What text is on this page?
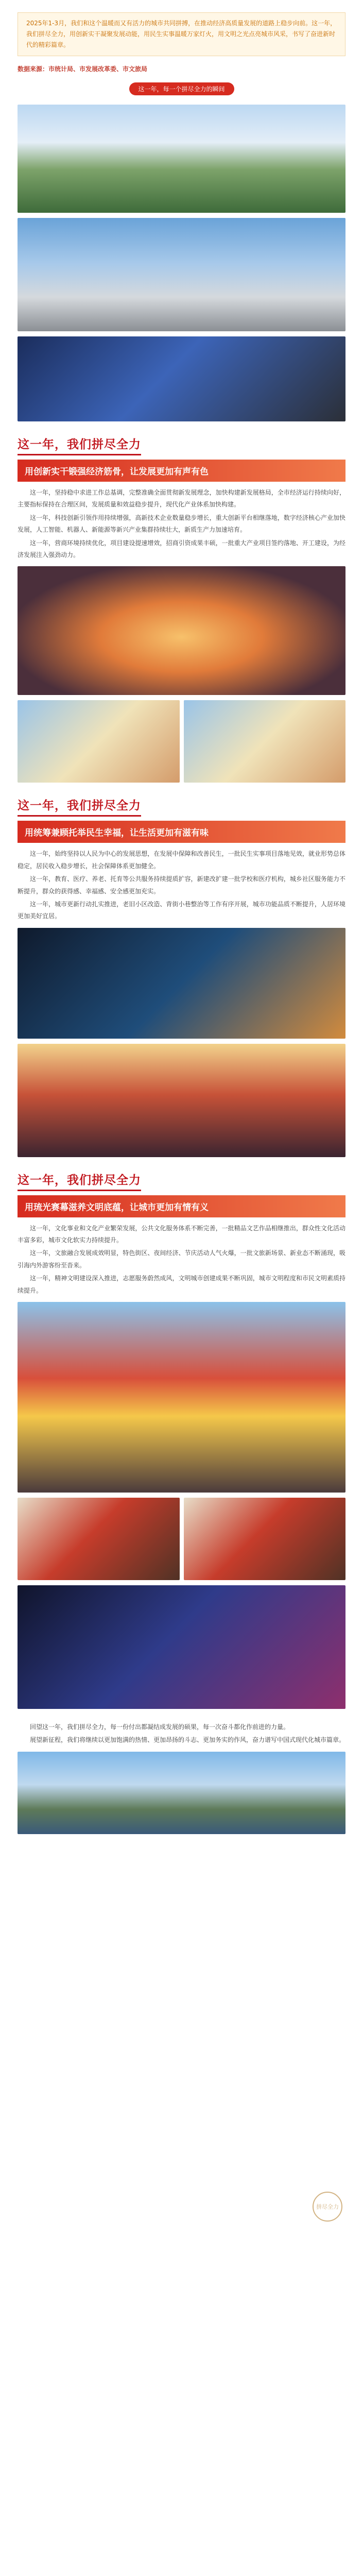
2025年1-3月，我们和这个温暖而又有活力的城市共同拼搏，在推动经济高质量发展的道路上稳步向前。这一年，我们拼尽全力，用创新实干凝聚发展动能，用民生实事温暖万家灯火，用文明之光点亮城市风采，书写了奋进新时代的精彩篇章。
数据来源：市统计局、市发展改革委、市文旅局
这一年，每一个拼尽全力的瞬间
这一年，我们拼尽全力
用创新实干锻强经济筋骨，让发展更加有声有色

这一年，坚持稳中求进工作总基调，完整准确全面贯彻新发展理念，加快构建新发展格局，全市经济运行持续向好，主要指标保持在合理区间，发展质量和效益稳步提升，现代化产业体系加快构建。

这一年，科技创新引领作用持续增强，高新技术企业数量稳步增长，重大创新平台相继落地，数字经济核心产业加快发展，人工智能、机器人、新能源等新兴产业集群持续壮大，新质生产力加速培育。

这一年，营商环境持续优化，项目建设提速增效，招商引资成果丰硕，一批重大产业项目签约落地、开工建设，为经济发展注入强劲动力。

这一年，我们拼尽全力
用统筹兼顾托举民生幸福，让生活更加有滋有味

这一年，始终坚持以人民为中心的发展思想，在发展中保障和改善民生，一批民生实事项目落地见效，就业形势总体稳定，居民收入稳步增长，社会保障体系更加健全。

这一年，教育、医疗、养老、托育等公共服务持续提质扩容，新建改扩建一批学校和医疗机构，城乡社区服务能力不断提升，群众的获得感、幸福感、安全感更加充实。

这一年，城市更新行动扎实推进，老旧小区改造、背街小巷整治等工作有序开展，城市功能品质不断提升，人居环境更加美好宜居。

这一年，我们拼尽全力
用琉光赛幕滋养文明底蕴，让城市更加有情有义

这一年，文化事业和文化产业繁荣发展，公共文化服务体系不断完善，一批精品文艺作品相继推出，群众性文化活动丰富多彩，城市文化软实力持续提升。

这一年，文旅融合发展成效明显，特色街区、夜间经济、节庆活动人气火爆，一批文旅新场景、新业态不断涌现，吸引海内外游客纷至沓来。

这一年，精神文明建设深入推进，志愿服务蔚然成风，文明城市创建成果不断巩固，城市文明程度和市民文明素质持续提升。

回望这一年，我们拼尽全力，每一份付出都凝结成发展的硕果，每一次奋斗都化作前进的力量。

展望新征程，我们将继续以更加饱满的热情、更加昂扬的斗志、更加务实的作风，奋力谱写中国式现代化城市篇章。

拼尽全力
